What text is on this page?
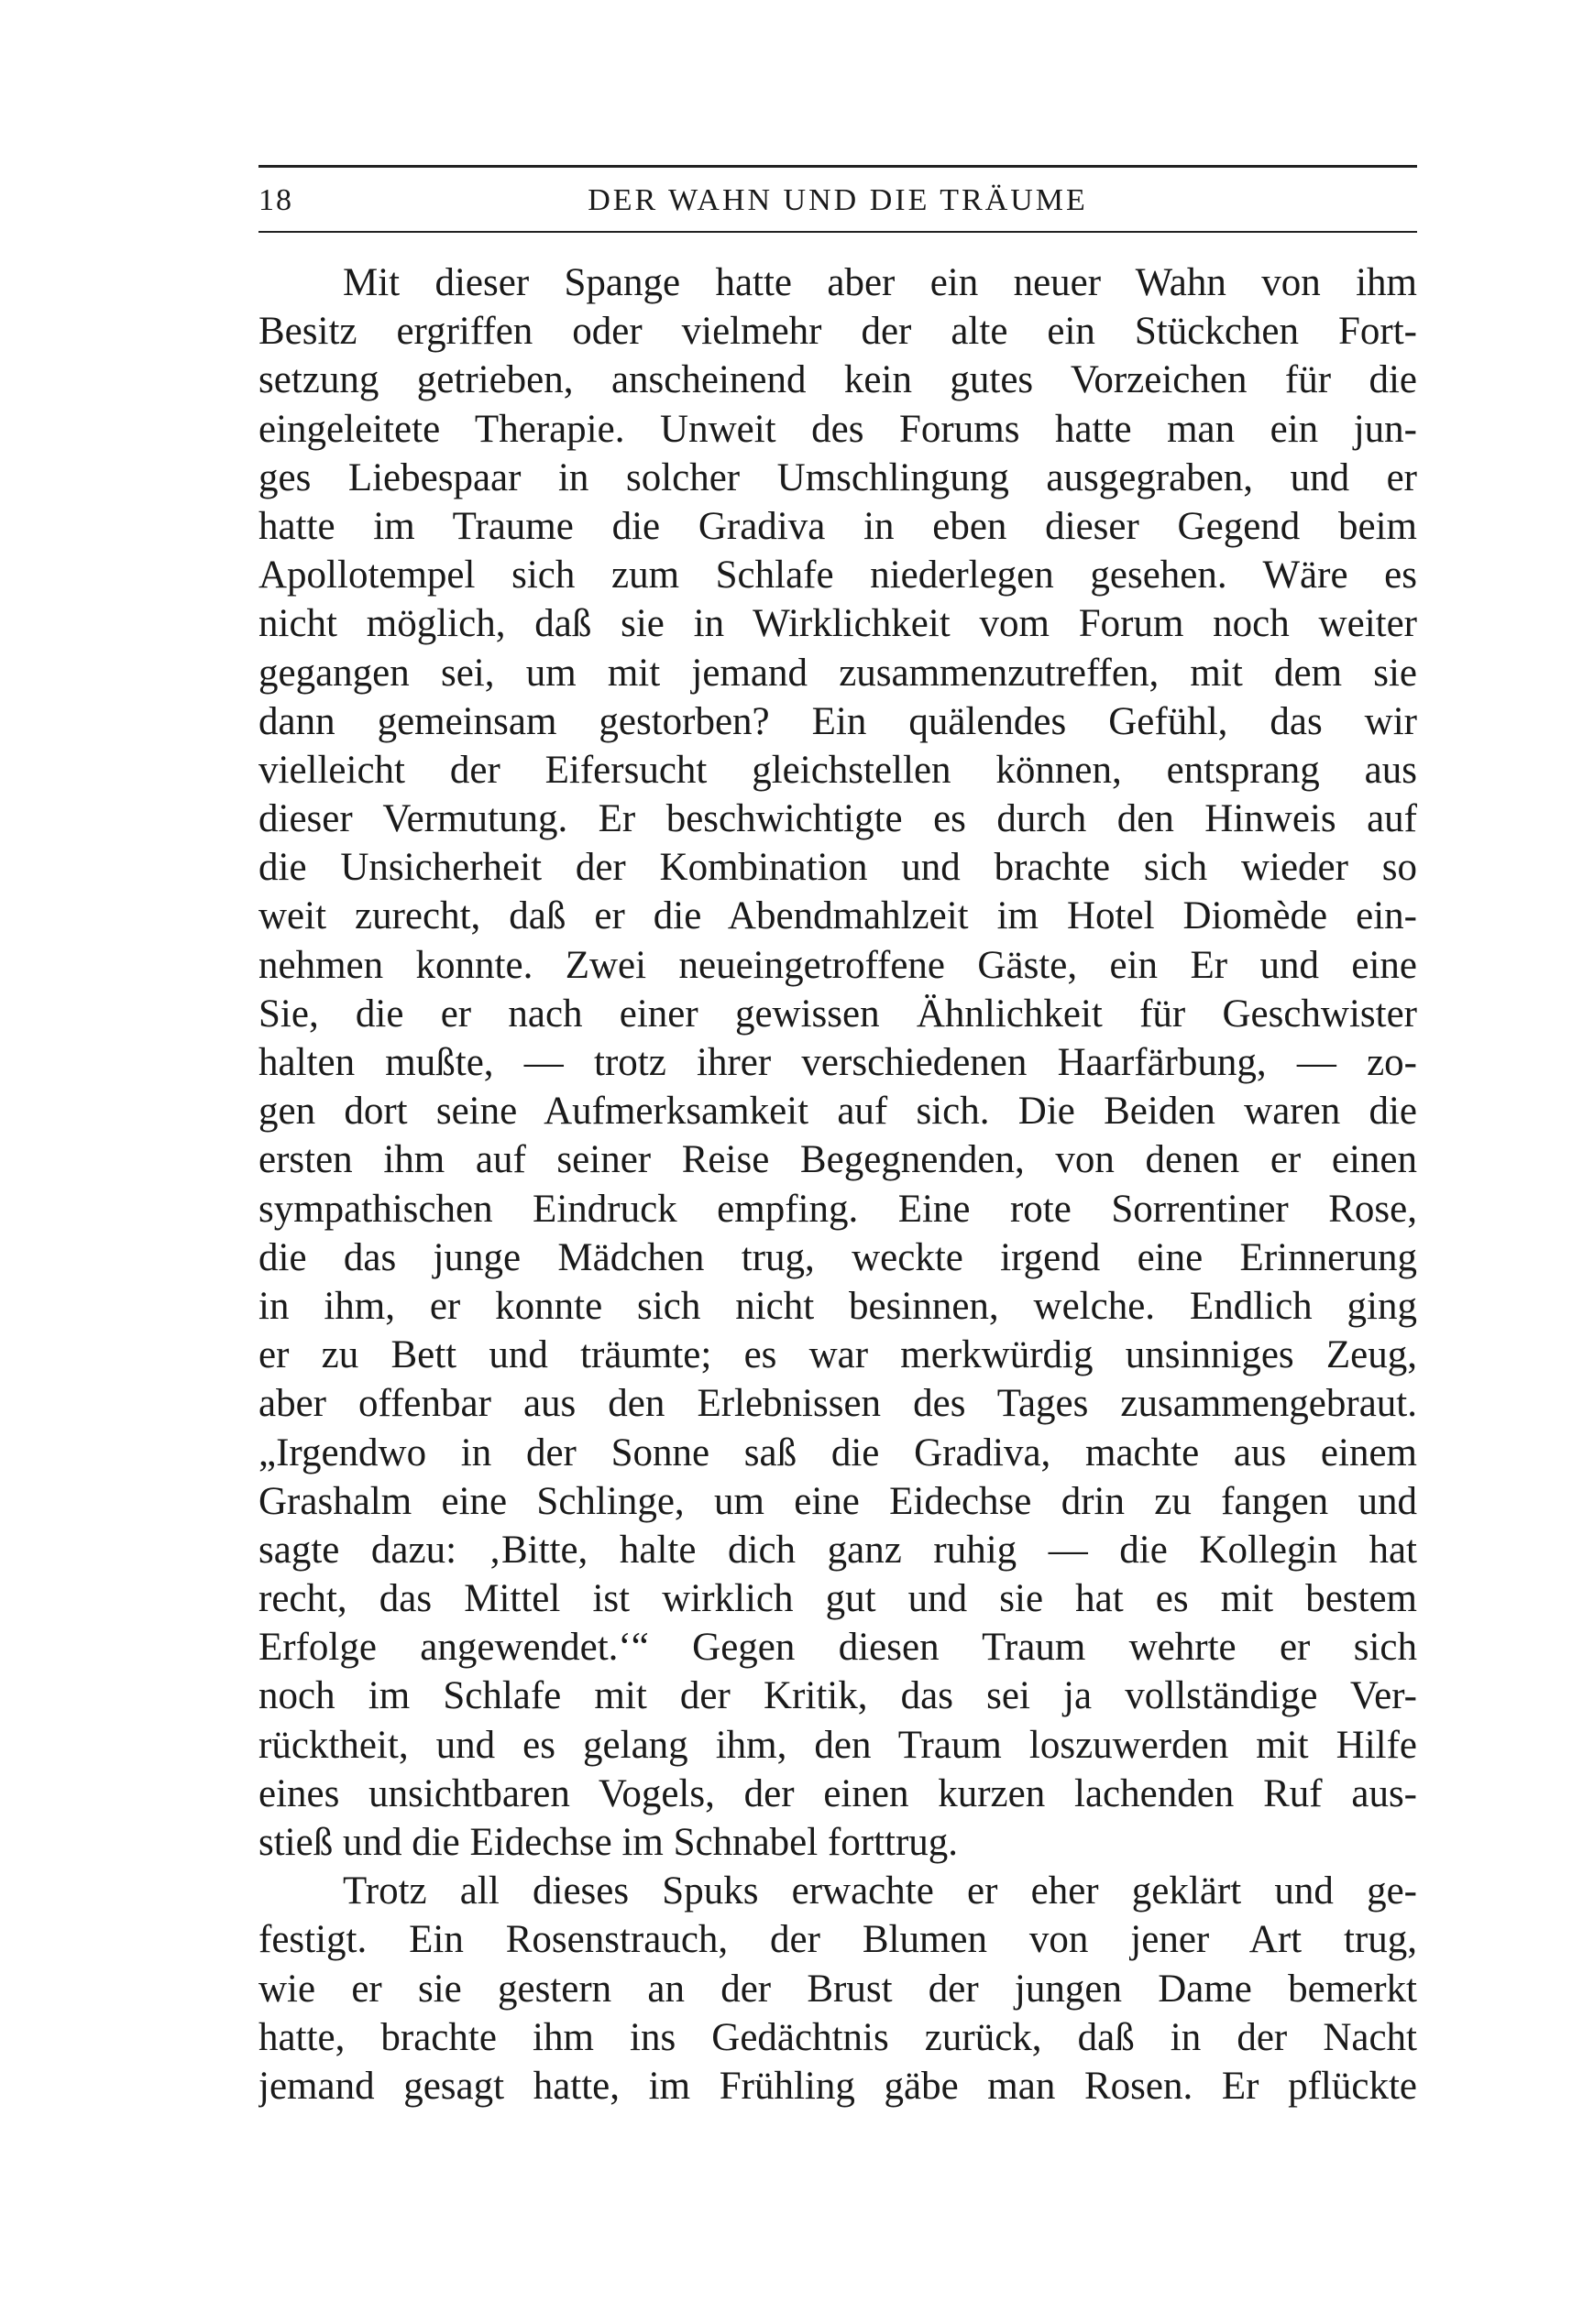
18	DER WAHN UND DIE TRÄUME
Mit dieser Spange hatte aber ein neuer Wahn von ihm
Besitz ergriffen oder vielmehr der alte ein Stückchen Fort-
setzung getrieben, anscheinend kein gutes Vorzeichen für die
eingeleitete Therapie. Unweit des Forums hatte man ein jun-
ges Liebespaar in solcher Umschlingung ausgegraben, und er
hatte im Traume die Gradiva in eben dieser Gegend beim
Apollotempel sich zum Schlafe niederlegen gesehen. Wäre es
nicht möglich, daß sie in Wirklichkeit vom Forum noch weiter
gegangen sei, um mit jemand zusammenzutreffen, mit dem sie
dann gemeinsam gestorben? Ein quälendes Gefühl, das wir
vielleicht der Eifersucht gleichstellen können, entsprang aus
dieser Vermutung. Er beschwichtigte es durch den Hinweis auf
die Unsicherheit der Kombination und brachte sich wieder so
weit zurecht, daß er die Abendmahlzeit im Hotel Diomède ein-
nehmen konnte. Zwei neueingetroffene Gäste, ein Er und eine
Sie, die er nach einer gewissen Ähnlichkeit für Geschwister
halten mußte, — trotz ihrer verschiedenen Haarfärbung, — zo-
gen dort seine Aufmerksamkeit auf sich. Die Beiden waren die
ersten ihm auf seiner Reise Begegnenden, von denen er einen
sympathischen Eindruck empfing. Eine rote Sorrentiner Rose,
die das junge Mädchen trug, weckte irgend eine Erinnerung
in ihm, er konnte sich nicht besinnen, welche. Endlich ging
er zu Bett und träumte; es war merkwürdig unsinniges Zeug,
aber offenbar aus den Erlebnissen des Tages zusammengebraut.
„Irgendwo in der Sonne saß die Gradiva, machte aus einem
Grashalm eine Schlinge, um eine Eidechse drin zu fangen und
sagte dazu: ‚Bitte, halte dich ganz ruhig — die Kollegin hat
recht, das Mittel ist wirklich gut und sie hat es mit bestem
Erfolge angewendet.‘“ Gegen diesen Traum wehrte er sich
noch im Schlafe mit der Kritik, das sei ja vollständige Ver-
rücktheit, und es gelang ihm, den Traum loszuwerden mit Hilfe
eines unsichtbaren Vogels, der einen kurzen lachenden Ruf aus-
stieß und die Eidechse im Schnabel forttrug.
Trotz all dieses Spuks erwachte er eher geklärt und ge-
festigt. Ein Rosenstrauch, der Blumen von jener Art trug,
wie er sie gestern an der Brust der jungen Dame bemerkt
hatte, brachte ihm ins Gedächtnis zurück, daß in der Nacht
jemand gesagt hatte, im Frühling gäbe man Rosen. Er pflückte
